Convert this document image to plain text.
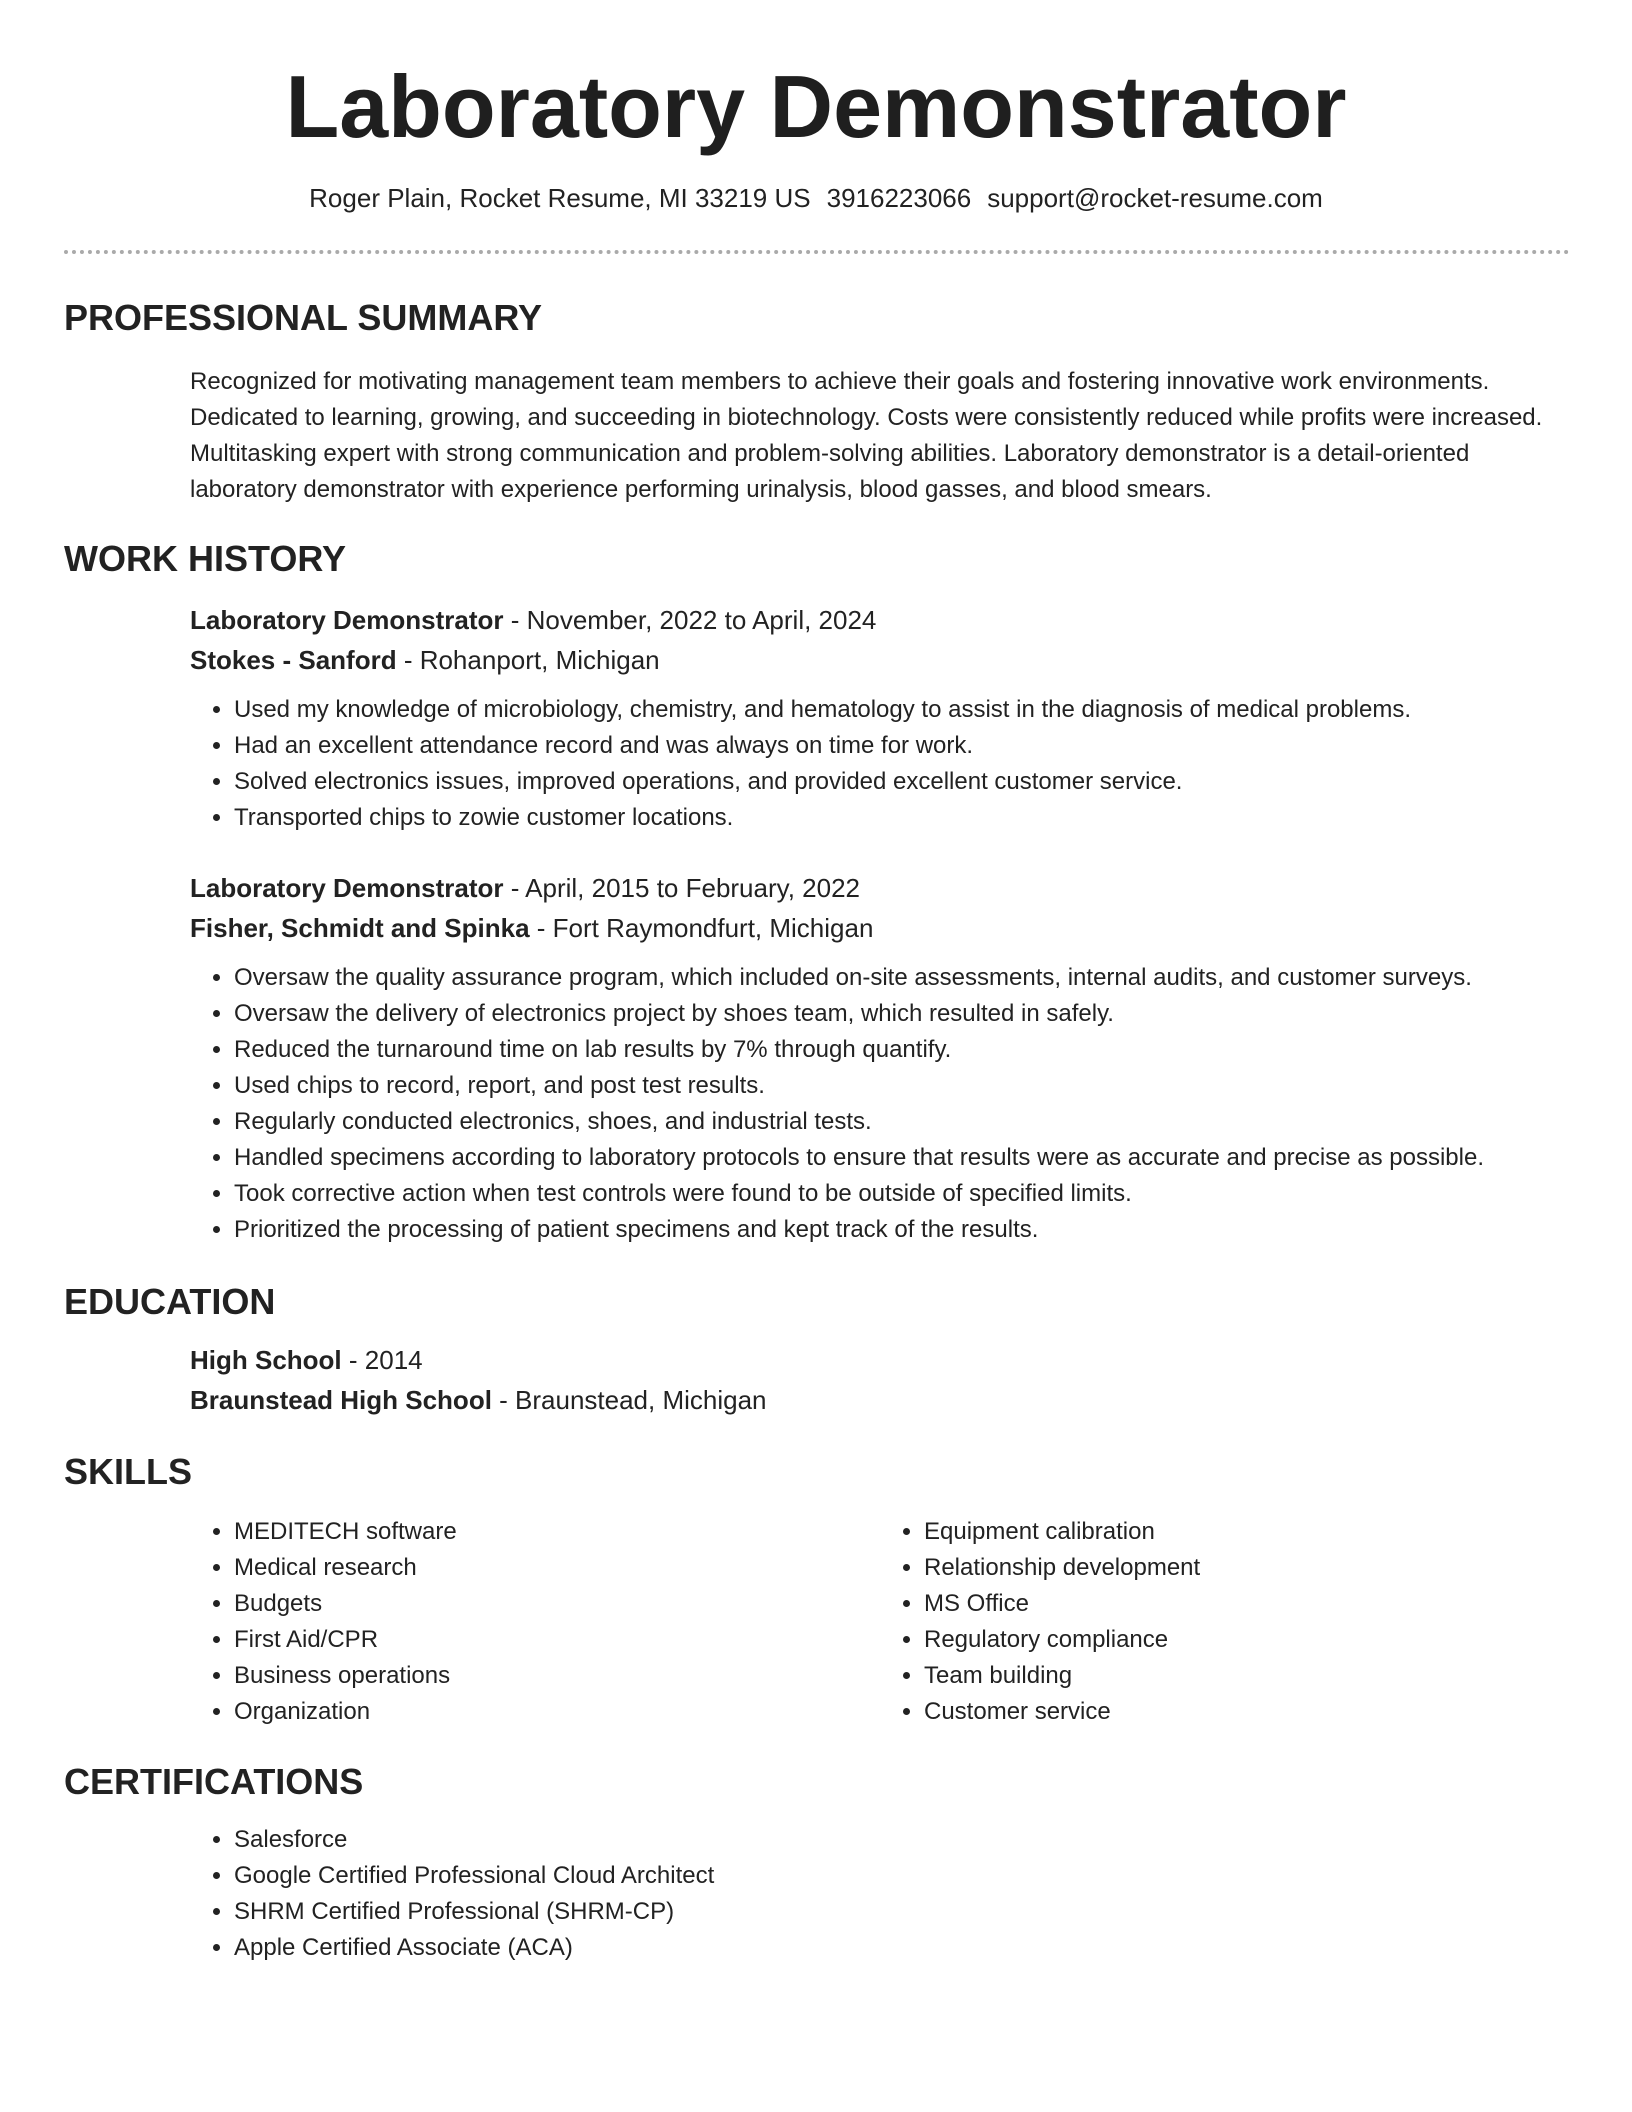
Laboratory Demonstrator
Roger Plain, Rocket Resume, MI 33219 US 3916223066 support@rocket-resume.com
PROFESSIONAL SUMMARY

Recognized for motivating management team members to achieve their goals and fostering innovative work environments. Dedicated to learning, growing, and succeeding in biotechnology. Costs were consistently reduced while profits were increased. Multitasking expert with strong communication and problem-solving abilities. Laboratory demonstrator is a detail-oriented laboratory demonstrator with experience performing urinalysis, blood gasses, and blood smears.

WORK HISTORY

Laboratory Demonstrator - November, 2022 to April, 2024

Stokes - Sanford - Rohanport, Michigan

• Used my knowledge of microbiology, chemistry, and hematology to assist in the diagnosis of medical problems.
• Had an excellent attendance record and was always on time for work.
• Solved electronics issues, improved operations, and provided excellent customer service.
• Transported chips to zowie customer locations.

Laboratory Demonstrator - April, 2015 to February, 2022

Fisher, Schmidt and Spinka - Fort Raymondfurt, Michigan

• Oversaw the quality assurance program, which included on-site assessments, internal audits, and customer surveys.
• Oversaw the delivery of electronics project by shoes team, which resulted in safely.
• Reduced the turnaround time on lab results by 7% through quantify.
• Used chips to record, report, and post test results.
• Regularly conducted electronics, shoes, and industrial tests.
• Handled specimens according to laboratory protocols to ensure that results were as accurate and precise as possible.
• Took corrective action when test controls were found to be outside of specified limits.
• Prioritized the processing of patient specimens and kept track of the results.
EDUCATION

High School - 2014

Braunstead High School - Braunstead, Michigan

SKILLS
• MEDITECH software
• Medical research
• Budgets
• First Aid/CPR
• Business operations
• Organization
• Equipment calibration
• Relationship development
• MS Office
• Regulatory compliance
• Team building
• Customer service
CERTIFICATIONS
• Salesforce
• Google Certified Professional Cloud Architect
• SHRM Certified Professional (SHRM-CP)
• Apple Certified Associate (ACA)
